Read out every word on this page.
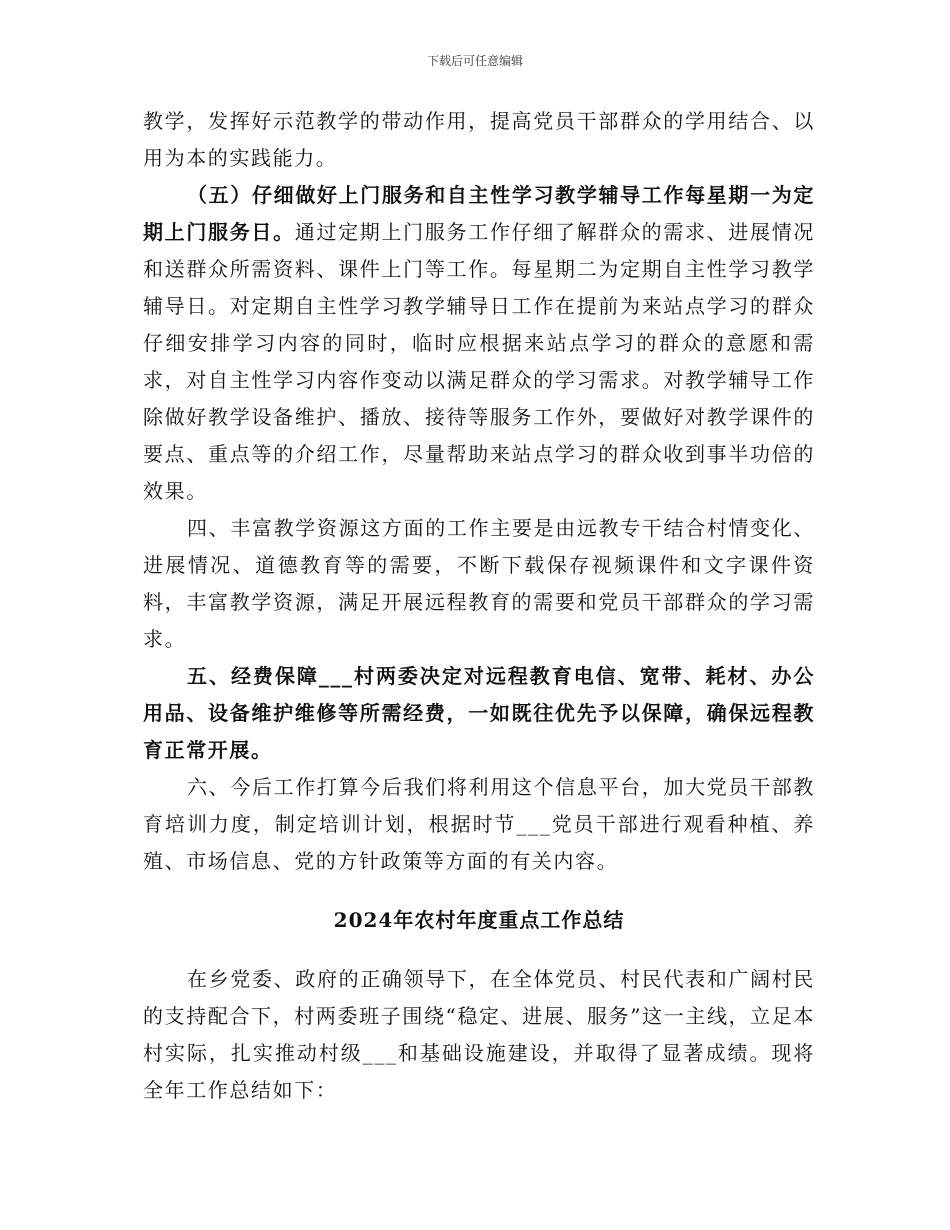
下载后可任意编辑

教学，发挥好示范教学的带动作用，提高党员干部群众的学用结合、以用为本的实践能力。

（五）仔细做好上门服务和自主性学习教学辅导工作每星期一为定期上门服务日。通过定期上门服务工作仔细了解群众的需求、进展情况和送群众所需资料、课件上门等工作。每星期二为定期自主性学习教学辅导日。对定期自主性学习教学辅导日工作在提前为来站点学习的群众仔细安排学习内容的同时，临时应根据来站点学习的群众的意愿和需求，对自主性学习内容作变动以满足群众的学习需求。对教学辅导工作除做好教学设备维护、播放、接待等服务工作外，要做好对教学课件的要点、重点等的介绍工作，尽量帮助来站点学习的群众收到事半功倍的效果。

四、丰富教学资源这方面的工作主要是由远教专干结合村情变化、进展情况、道德教育等的需要，不断下载保存视频课件和文字课件资料，丰富教学资源，满足开展远程教育的需要和党员干部群众的学习需求。

五、经费保障___村两委决定对远程教育电信、宽带、耗材、办公用品、设备维护维修等所需经费，一如既往优先予以保障，确保远程教育正常开展。

六、今后工作打算今后我们将利用这个信息平台，加大党员干部教育培训力度，制定培训计划，根据时节___党员干部进行观看种植、养殖、市场信息、党的方针政策等方面的有关内容。

2024年农村年度重点工作总结

在乡党委、政府的正确领导下，在全体党员、村民代表和广阔村民的支持配合下，村两委班子围绕“稳定、进展、服务”这一主线，立足本村实际，扎实推动村级___和基础设施建设，并取得了显著成绩。现将全年工作总结如下：
